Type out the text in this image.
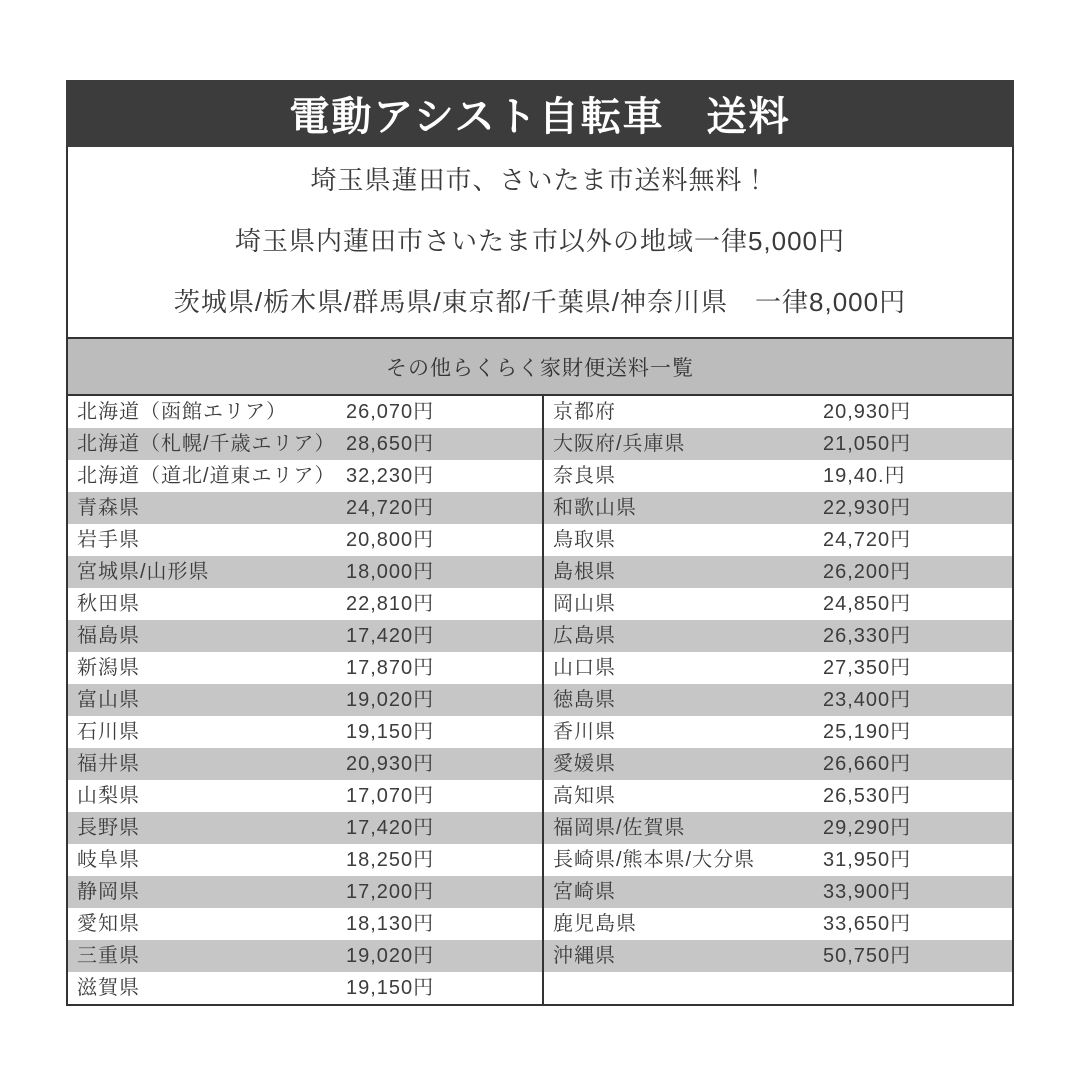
電動アシスト自転車　送料
埼玉県蓮田市、さいたま市送料無料！
埼玉県内蓮田市さいたま市以外の地域一律5,000円
茨城県/栃木県/群馬県/東京都/千葉県/神奈川県　一律8,000円
その他らくらく家財便送料一覧
北海道（函館エリア）	26,070円	京都府	20,930円
北海道（札幌/千歳エリア） 28,650円	大阪府/兵庫県	21,050円
北海道（道北/道東エリア） 32,230円	奈良県	19,40.円
青森県	24,720円	和歌山県	22,930円
岩手県	20,800円	鳥取県	24,720円
宮城県/山形県	18,000円	島根県	26,200円
秋田県	22,810円	岡山県	24,850円
福島県	17,420円	広島県	26,330円
新潟県	17,870円	山口県	27,350円
富山県	19,020円	徳島県	23,400円
石川県	19,150円	香川県	25,190円
福井県	20,930円	愛媛県	26,660円
山梨県	17,070円	高知県	26,530円
長野県	17,420円	福岡県/佐賀県	29,290円
岐阜県	18,250円	長崎県/熊本県/大分県	31,950円
静岡県	17,200円	宮崎県	33,900円
愛知県	18,130円	鹿児島県	33,650円
三重県	19,020円	沖縄県	50,750円
滋賀県	19,150円
